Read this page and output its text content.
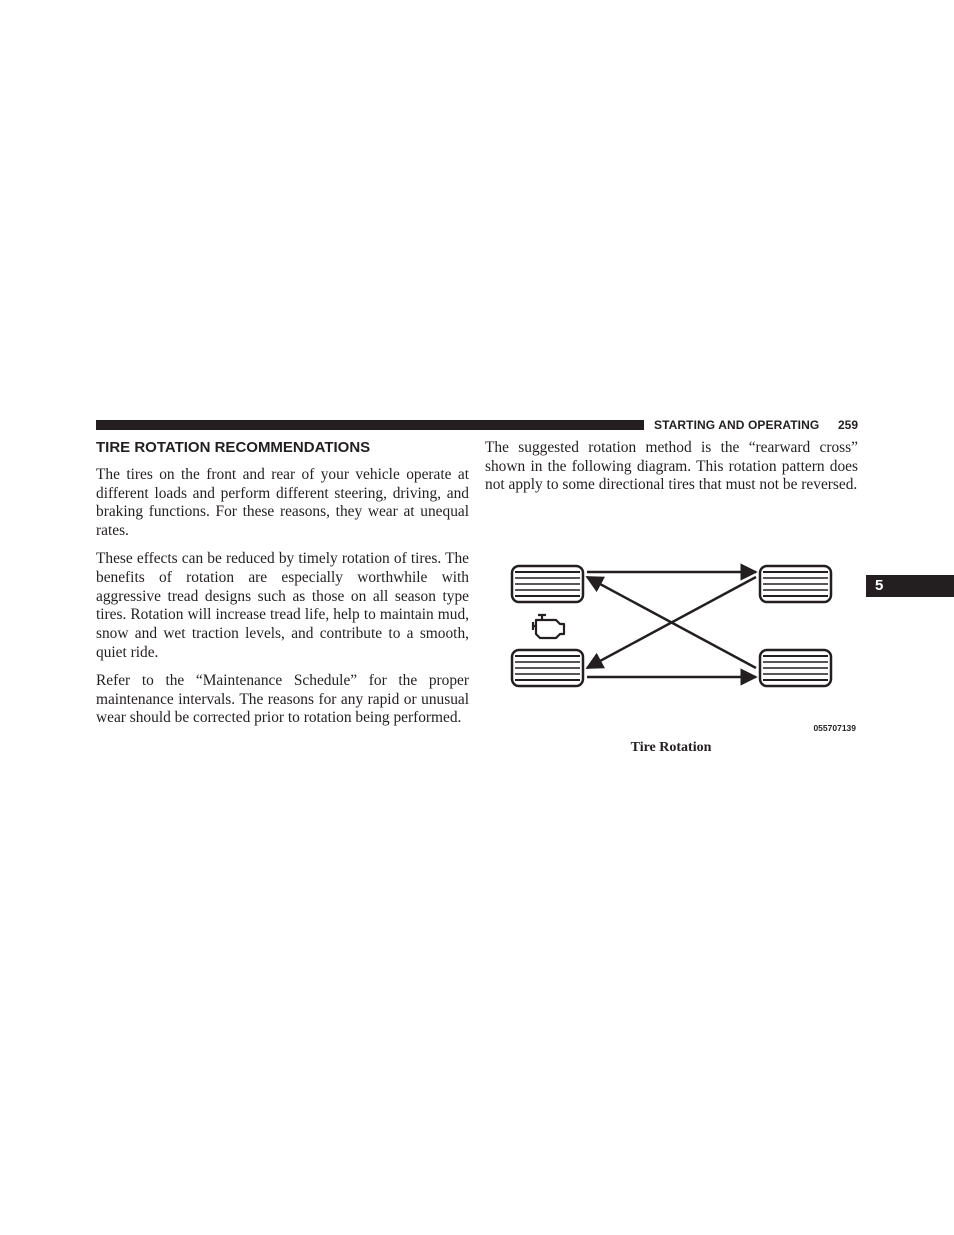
STARTING AND OPERATING 259
TIRE ROTATION RECOMMENDATIONS

The tires on the front and rear of your vehicle operate at different loads and perform different steering, driving, and braking functions. For these reasons, they wear at unequal rates.

These effects can be reduced by timely rotation of tires. The benefits of rotation are especially worthwhile with aggressive tread designs such as those on all season type tires. Rotation will increase tread life, help to maintain mud, snow and wet traction levels, and contribute to a smooth, quiet ride.

Refer to the “Maintenance Schedule” for the proper maintenance intervals. The reasons for any rapid or unusual wear should be corrected prior to rotation being performed.

The suggested rotation method is the “rearward cross” shown in the following diagram. This rotation pattern does not apply to some directional tires that must not be reversed.

055707139
Tire Rotation
5
